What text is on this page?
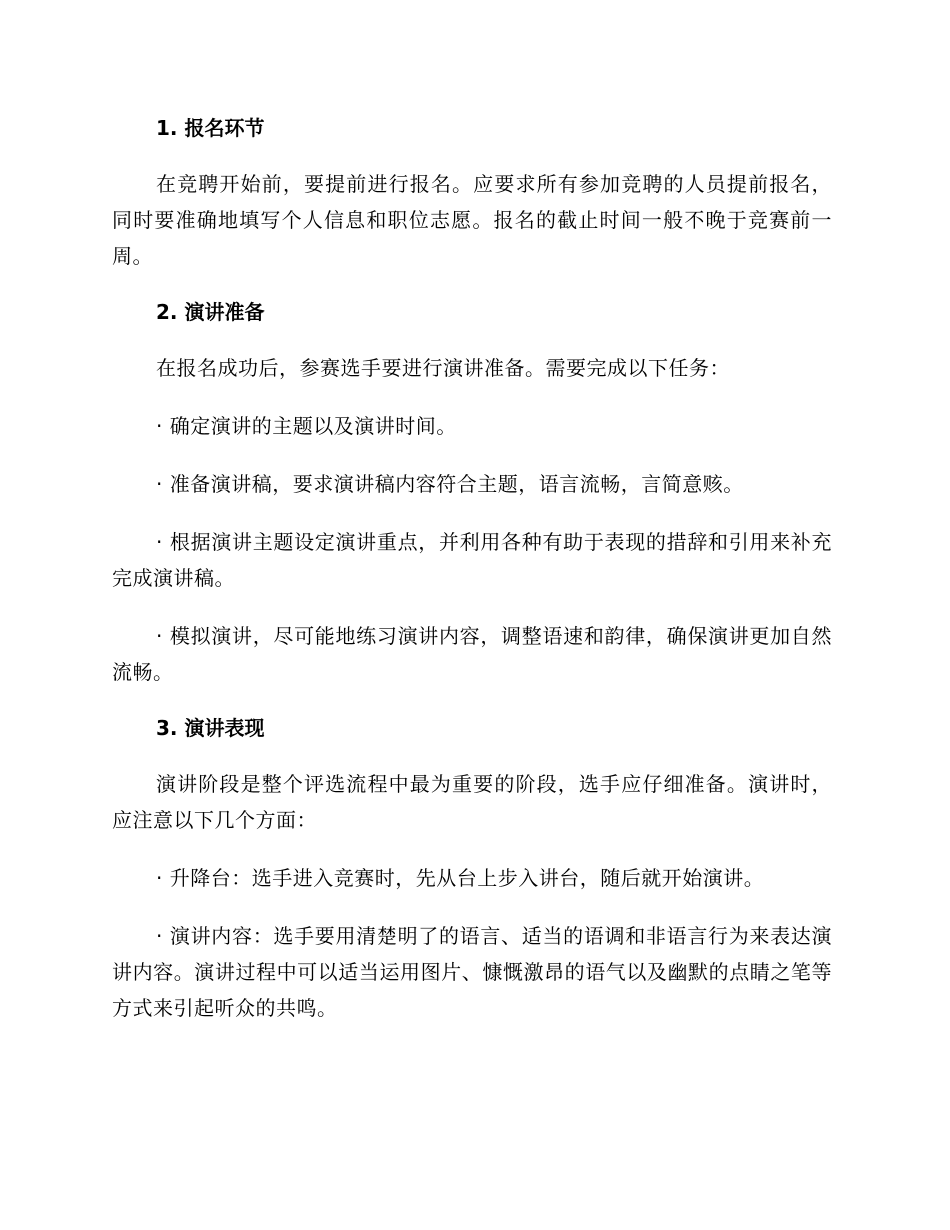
1. 报名环节

在竞聘开始前，要提前进行报名。应要求所有参加竞聘的人员提前报名，同时要准确地填写个人信息和职位志愿。报名的截止时间一般不晚于竞赛前一周。

2. 演讲准备

在报名成功后，参赛选手要进行演讲准备。需要完成以下任务：

· 确定演讲的主题以及演讲时间。

· 准备演讲稿，要求演讲稿内容符合主题，语言流畅，言简意赅。

· 根据演讲主题设定演讲重点，并利用各种有助于表现的措辞和引用来补充完成演讲稿。

· 模拟演讲，尽可能地练习演讲内容，调整语速和韵律，确保演讲更加自然流畅。

3. 演讲表现

演讲阶段是整个评选流程中最为重要的阶段，选手应仔细准备。演讲时，应注意以下几个方面：

· 升降台：选手进入竞赛时，先从台上步入讲台，随后就开始演讲。

· 演讲内容：选手要用清楚明了的语言、适当的语调和非语言行为来表达演讲内容。演讲过程中可以适当运用图片、慷慨激昂的语气以及幽默的点睛之笔等方式来引起听众的共鸣。
